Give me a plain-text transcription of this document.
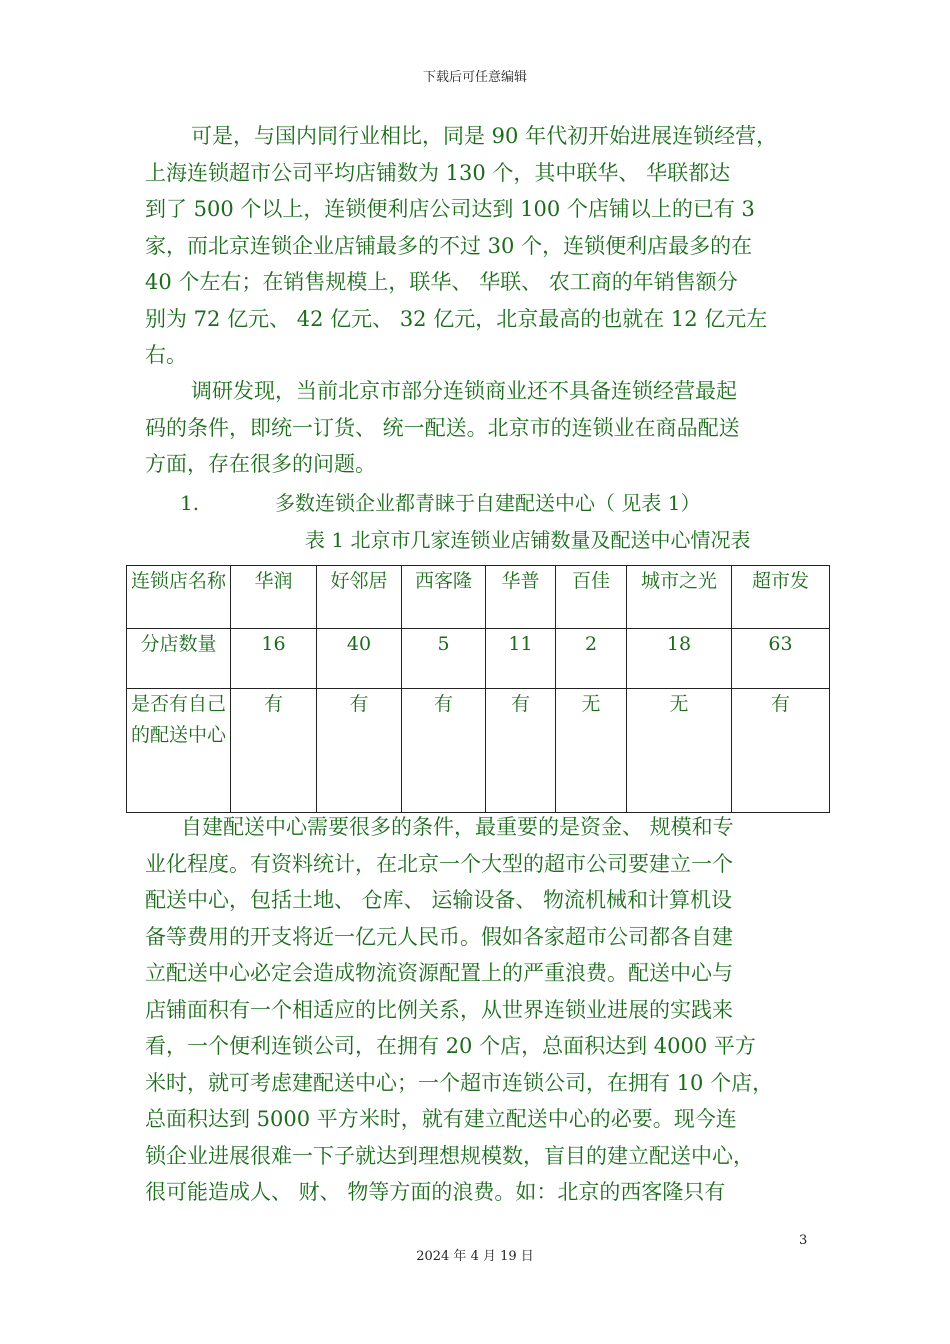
下载后可任意编辑
可是，与国内同行业相比，同是 90 年代初开始进展连锁经营，
上海连锁超市公司平均店铺数为 130 个，其中联华、 华联都达
到了 500 个以上，连锁便利店公司达到 100 个店铺以上的已有 3
家，而北京连锁企业店铺最多的不过 30 个，连锁便利店最多的在
40 个左右；在销售规模上，联华、 华联、 农工商的年销售额分
别为 72 亿元、 42 亿元、 32 亿元，北京最高的也就在 12 亿元左
右。
调研发现，当前北京市部分连锁商业还不具备连锁经营最起
码的条件，即统一订货、 统一配送。北京市的连锁业在商品配送
方面，存在很多的问题。
1.	多数连锁企业都青睐于自建配送中心（ 见表 1）
表 1 北京市几家连锁业店铺数量及配送中心情况表
连锁店名称	华润	好邻居	西客隆	华普	百佳	城市之光	超市发
分店数量	16	40	5	11	2	18	63
是否有自己的配送中心	有	有	有	有	无	无	有
自建配送中心需要很多的条件，最重要的是资金、 规模和专
业化程度。有资料统计，在北京一个大型的超市公司要建立一个
配送中心，包括土地、 仓库、 运输设备、 物流机械和计算机设
备等费用的开支将近一亿元人民币。假如各家超市公司都各自建
立配送中心必定会造成物流资源配置上的严重浪费。配送中心与
店铺面积有一个相适应的比例关系，从世界连锁业进展的实践来
看，一个便利连锁公司，在拥有 20 个店，总面积达到 4000 平方
米时，就可考虑建配送中心；一个超市连锁公司，在拥有 10 个店，
总面积达到 5000 平方米时，就有建立配送中心的必要。现今连
锁企业进展很难一下子就达到理想规模数，盲目的建立配送中心，
很可能造成人、 财、 物等方面的浪费。如：北京的西客隆只有
3
2024 年 4 月 19 日
